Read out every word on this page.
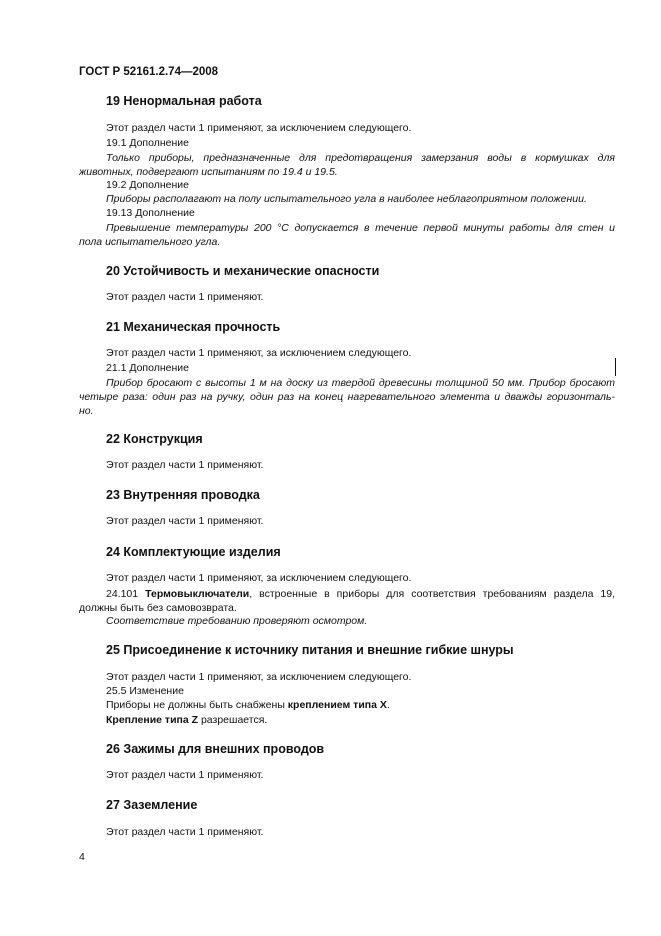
ГОСТ Р 52161.2.74—2008
19 Ненормальная работа
Этот раздел части 1 применяют, за исключением следующего.
19.1 Дополнение
Только приборы, предназначенные для предотвращения замерзания воды в кормушках для
животных, подвергают испытаниям по 19.4 и 19.5.
19.2 Дополнение
Приборы располагают на полу испытательного угла в наиболее неблагоприятном положении.
19.13 Дополнение
Превышение температуры 200 °С допускается в течение первой минуты работы для стен и
пола испытательного угла.
20 Устойчивость и механические опасности
Этот раздел части 1 применяют.
21 Механическая прочность
Этот раздел части 1 применяют, за исключением следующего.
21.1 Дополнение
Прибор бросают с высоты 1 м на доску из твердой древесины толщиной 50 мм. Прибор бросают
четыре раза: один раз на ручку, один раз на конец нагревательного элемента и дважды горизонталь-
но.
22 Конструкция
Этот раздел части 1 применяют.
23 Внутренняя проводка
Этот раздел части 1 применяют.
24 Комплектующие изделия
Этот раздел части 1 применяют, за исключением следующего.
24.101 Термовыключатели, встроенные в приборы для соответствия требованиям раздела 19,
должны быть без самовозврата.
Соответствие требованию проверяют осмотром.
25 Присоединение к источнику питания и внешние гибкие шнуры
Этот раздел части 1 применяют, за исключением следующего.
25.5 Изменение
Приборы не должны быть снабжены креплением типа X.
Крепление типа Z разрешается.
26 Зажимы для внешних проводов
Этот раздел части 1 применяют.
27 Заземление
Этот раздел части 1 применяют.
4
